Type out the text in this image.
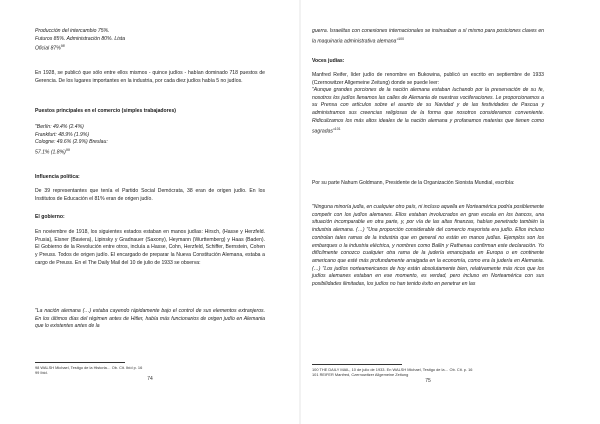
Producción del intercambio 75%.

Futuros 85%. Administración 80%. Lista

Oficial 87%$^{98}$

En 1928, se publicó que sólo entre ellos mismos - quince judíos - habían dominado 718 puestos de Gerencia. De los lugares importantes en la industria, por cada diez judíos había 5 no judíos.
Puestos principales en el comercio (simples trabajadores)

"Berlín: 49.4% (2.4%)

Frankfurt: 48.9% (1.9%)

Cologne: 49.6% (2.9%) Breslau:

57.1% $(1.8\%)^{99}$

Influencia política:
De 39 representantes que tenía el Partido Social Demócrata, 38 eran de origen judío. En los Institutos de Educación el 81% eran de origen judío.
El gobierno:
En noviembre de 1918, los siguientes estados estaban en manos judías: Hirsch, (Hasse y Herzfeld. Prusia), Eisner (Baviera), Lipinsky y Gradnauer (Saxony), Heymann (Wurttemberg) y Haas (Baden). El Gobierno de la Revolución entre otros, incluía a Hasse, Cohn, Herzfeld, Schiffer, Bernstein, Cohen y Preuss. Todos de origen judío. El encargado de preparar la Nueva Constitución Alemana, estaba a cargo de Preuss. En el The Daily Mail del 10 de julio de 1933 se observa:
"La nación alemana (…) estaba cayendo rápidamente bajo el control de sus elementos extranjeros. En los últimos días del régimen antes de Hitler, había más funcionarios de origen judío en Alemania que lo existentes antes de la
98 WALSH Michael, Testigo de la Historia… Ob. Cit. Ibíd p. 16
99 Ibid.
74
guerra. Israelitas con conexiones internacionales se insinuaban a sí mismo para posiciones claves en la maquinaria administrativa alemana"$^{100}$
Voces judías:
Manfred Reifer, líder judío de renombre en Bukowina, publicó un escrito en septiembre de 1933 (Czernowitzer Allgemeine Zeitung) donde se puede leer:
"Aunque grandes porciones de la nación alemana estaban luchando por la preservación de su fe, nosotros los judíos llenamos las calles de Alemania de nuestras vociferaciones. Le proporcionamos a su Prensa con artículos sobre el asunto de su Navidad y de las festividades de Pascua y administramos sus creencias religiosas de la forma que nosotros consideramos conveniente. Ridiculizamos los más altos ideales de la nación alemana y profanamos materias que tienen como sagradas"$^{101}$
Por su parte Nahum Goldmann, Presidente de la Organización Sionista Mundial, escribía:
"Ninguna minoría judía, en cualquier otro país, ni incluso aquella en Norteamérica podría posiblemente competir con los judíos alemanes. Ellos estaban involucrados en gran escala en los bancos, una situación incomparable en otra parte, y, por vía de las altas finanzas, habían penetrado también la industria alemana. (…) "Una proporción considerable del comercio mayorista era judío. Ellos incluso controlan tales ramas de la industria que en general no están en manos judías. Ejemplos son los embarques o la industria eléctrica, y nombres como Ballin y Rathenau confirman este declaración. Yo difícilmente conozco cualquier otra rama de la judería emancipada en Europa o en continente americano que esté más profundamente arraigada en la economía, como era la judería en Alemania. (…) "Los judíos norteamericanos de hoy están absolutamente bien, relativamente más ricos que los judíos alemanes estaban en ese momento, es verdad, pero incluso en Norteamérica con sus posibilidades ilimitadas, los judíos no han tenido éxito en penetrar en las
100 THE DAILY MAIL, 10 de julio de 1933. En WALSH Michael, Testigo de la… Ob. Cit. p. 16
101 REIFER Manfred, Czernowitzer Allgemeine Zeitung
75
